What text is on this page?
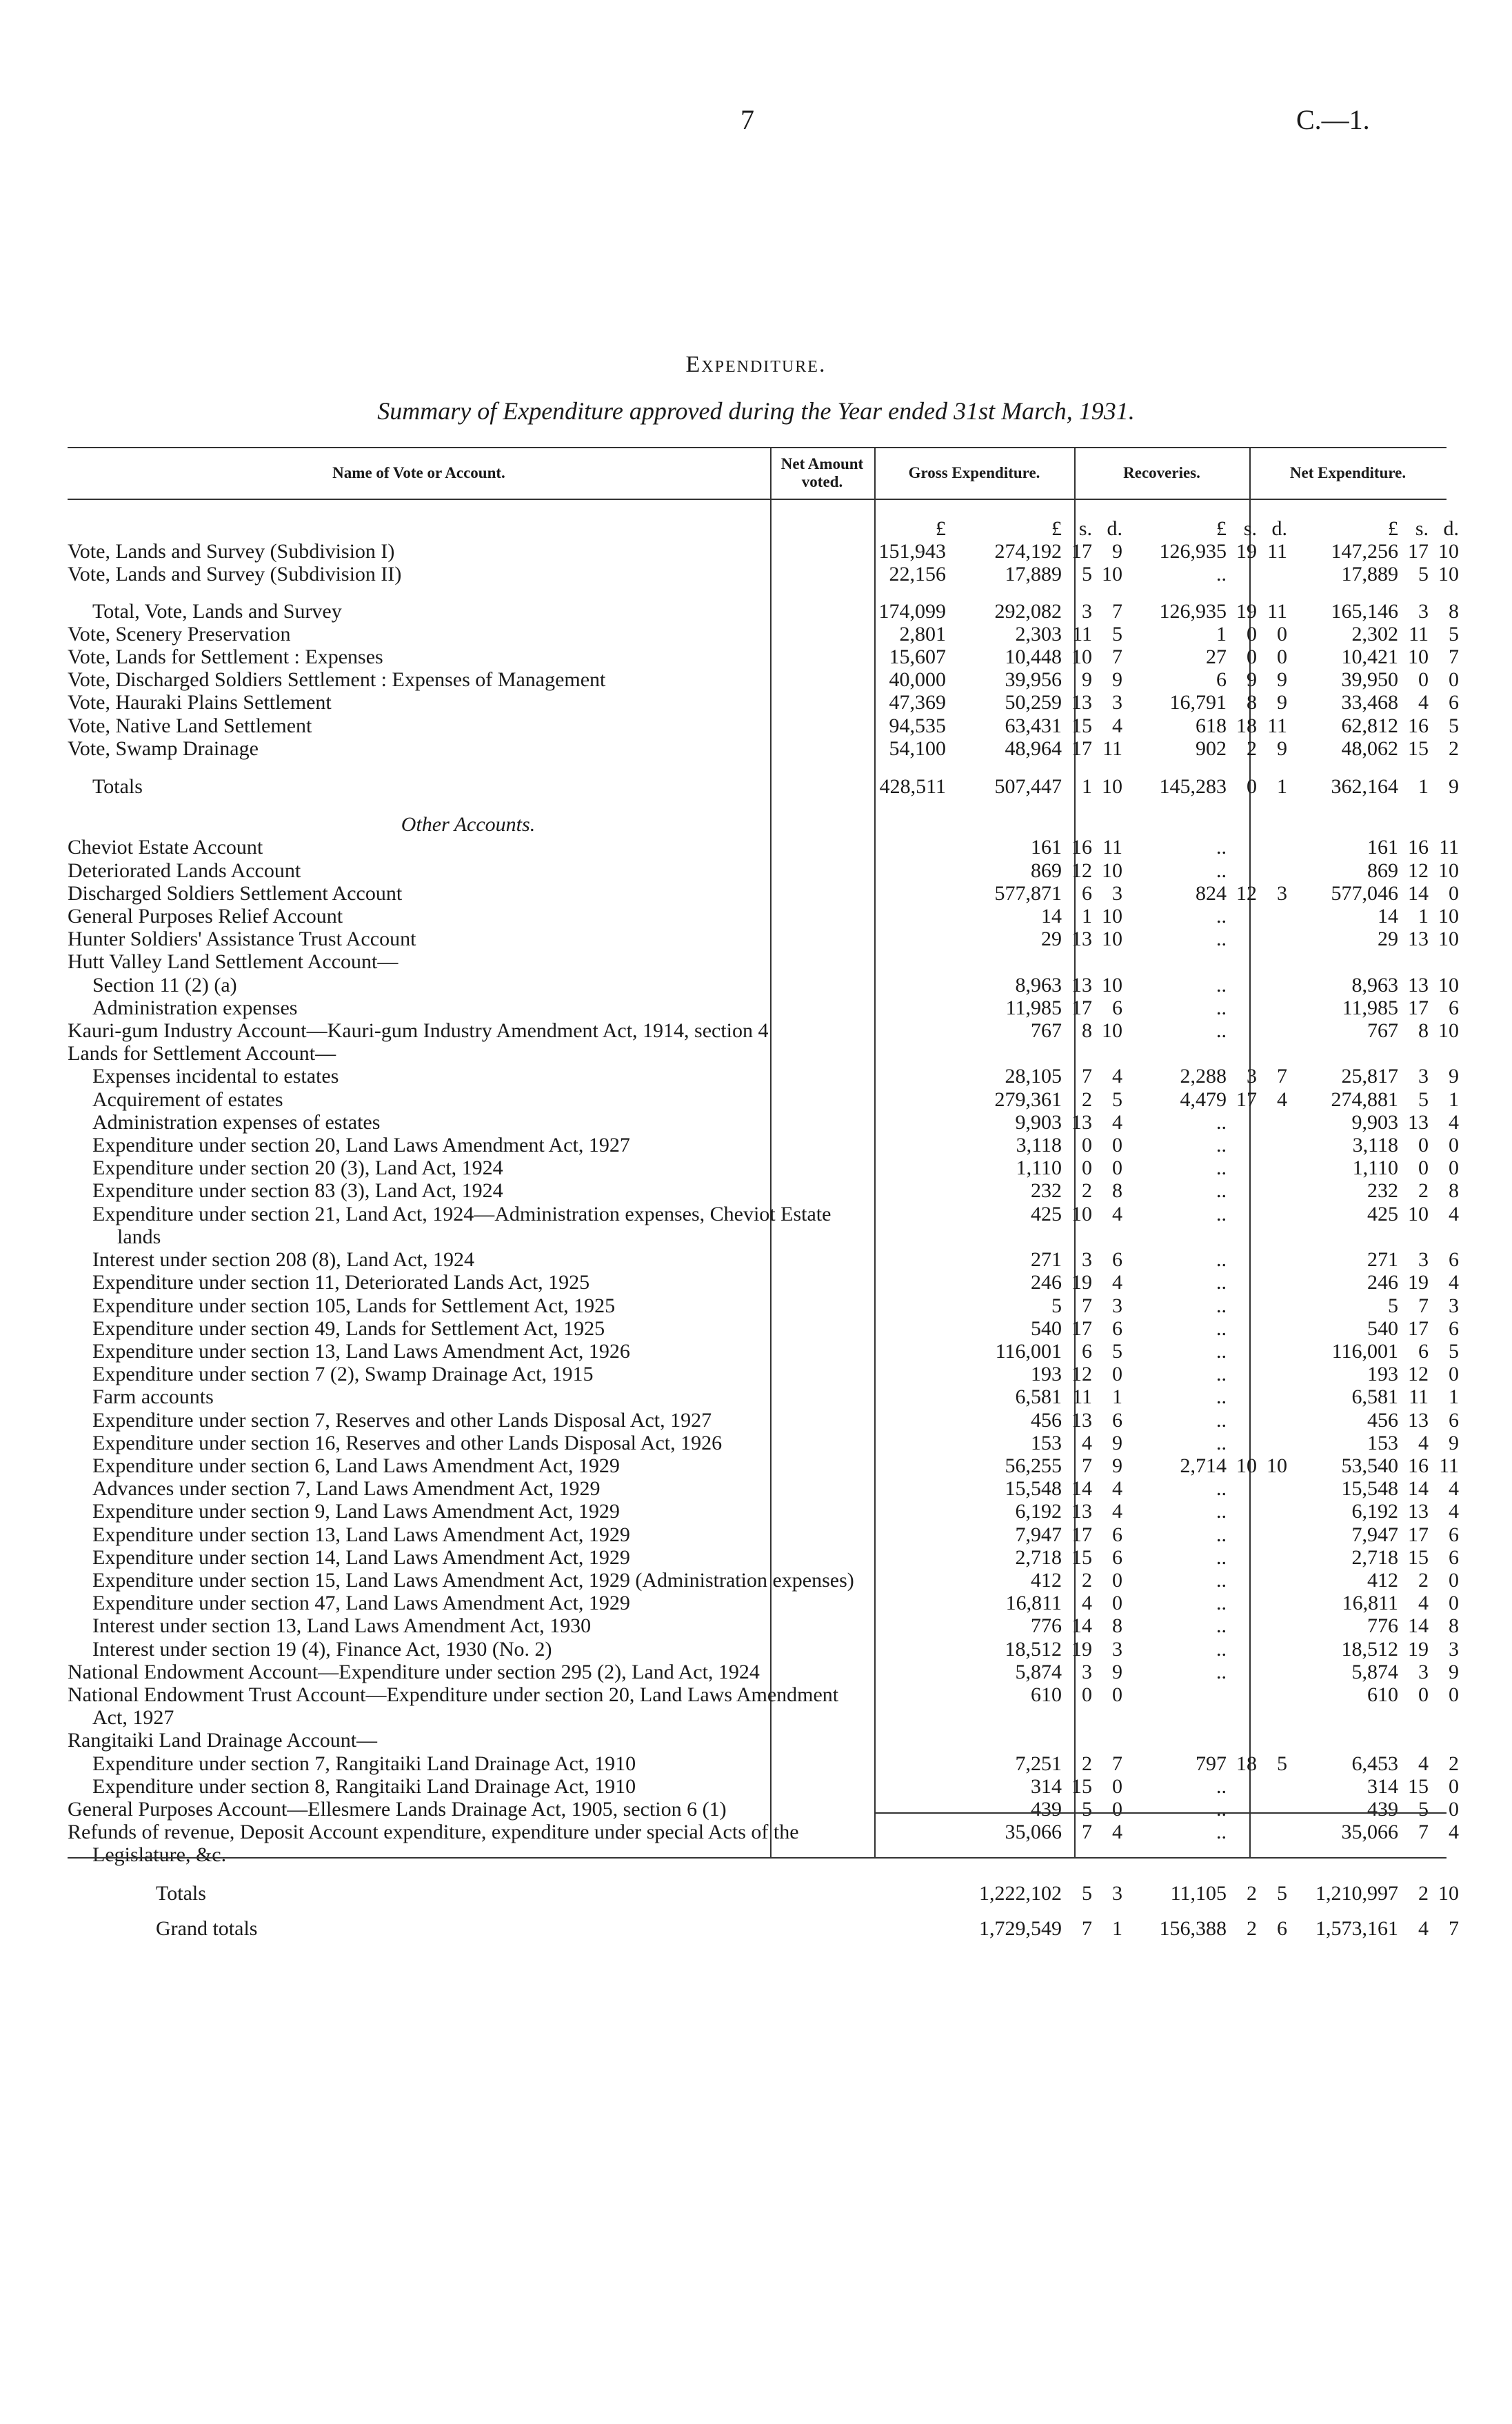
7	C.—1.
Expenditure.
Summary of Expenditure approved during the Year ended 31st March, 1931.
Name of Vote or Account.
Net Amount voted.
Gross Expenditure.	Recoveries.	Net Expenditure.
	£	£	s.	d.	£	s.	d.	£	s.	d.

Vote, Lands and Survey (Subdivision I)	151,943	274,192	17	9	126,935	19	11	147,256	17	10

Vote, Lands and Survey (Subdivision II)	22,156	17,889	5	10	..			17,889	5	10

Total, Vote, Lands and Survey	174,099	292,082	3	7	126,935	19	11	165,146	3	8

Vote, Scenery Preservation	2,801	2,303	11	5	1	0	0	2,302	11	5

Vote, Lands for Settlement : Expenses	15,607	10,448	10	7	27	0	0	10,421	10	7

Vote, Discharged Soldiers Settlement : Expenses of Management	40,000	39,956	9	9	6	9	9	39,950	0	0

Vote, Hauraki Plains Settlement	47,369	50,259	13	3	16,791	8	9	33,468	4	6

Vote, Native Land Settlement	94,535	63,431	15	4	618	18	11	62,812	16	5

Vote, Swamp Drainage	54,100	48,964	17	11	902	2	9	48,062	15	2

Totals	428,511	507,447	1	10	145,283	0	1	362,164	1	9

Other Accounts.										

Cheviot Estate Account		161	16	11	..			161	16	11

Deteriorated Lands Account		869	12	10	..			869	12	10

Discharged Soldiers Settlement Account		577,871	6	3	824	12	3	577,046	14	0

General Purposes Relief Account		14	1	10	..			14	1	10

Hunter Soldiers' Assistance Trust Account		29	13	10	..			29	13	10

Hutt Valley Land Settlement Account—										

Section 11 (2) (a)		8,963	13	10	..			8,963	13	10

Administration expenses		11,985	17	6	..			11,985	17	6

Kauri-gum Industry Account—Kauri-gum Industry Amendment Act, 1914, section 4		767	8	10	..			767	8	10

Lands for Settlement Account—										

Expenses incidental to estates		28,105	7	4	2,288	3	7	25,817	3	9

Acquirement of estates		279,361	2	5	4,479	17	4	274,881	5	1

Administration expenses of estates		9,903	13	4	..			9,903	13	4

Expenditure under section 20, Land Laws Amendment Act, 1927		3,118	0	0	..			3,118	0	0

Expenditure under section 20 (3), Land Act, 1924		1,110	0	0	..			1,110	0	0

Expenditure under section 83 (3), Land Act, 1924		232	2	8	..			232	2	8

Expenditure under section 21, Land Act, 1924—Administration expenses, Cheviot Estate lands		425	10	4	..			425	10	4

Interest under section 208 (8), Land Act, 1924		271	3	6	..			271	3	6

Expenditure under section 11, Deteriorated Lands Act, 1925		246	19	4	..			246	19	4

Expenditure under section 105, Lands for Settlement Act, 1925		5	7	3	..			5	7	3

Expenditure under section 49, Lands for Settlement Act, 1925		540	17	6	..			540	17	6

Expenditure under section 13, Land Laws Amendment Act, 1926		116,001	6	5	..			116,001	6	5

Expenditure under section 7 (2), Swamp Drainage Act, 1915		193	12	0	..			193	12	0

Farm accounts		6,581	11	1	..			6,581	11	1

Expenditure under section 7, Reserves and other Lands Disposal Act, 1927		456	13	6	..			456	13	6

Expenditure under section 16, Reserves and other Lands Disposal Act, 1926		153	4	9	..			153	4	9

Expenditure under section 6, Land Laws Amendment Act, 1929		56,255	7	9	2,714	10	10	53,540	16	11

Advances under section 7, Land Laws Amendment Act, 1929		15,548	14	4	..			15,548	14	4

Expenditure under section 9, Land Laws Amendment Act, 1929		6,192	13	4	..			6,192	13	4

Expenditure under section 13, Land Laws Amendment Act, 1929		7,947	17	6	..			7,947	17	6

Expenditure under section 14, Land Laws Amendment Act, 1929		2,718	15	6	..			2,718	15	6

Expenditure under section 15, Land Laws Amendment Act, 1929 (Administration expenses)		412	2	0	..			412	2	0

Expenditure under section 47, Land Laws Amendment Act, 1929		16,811	4	0	..			16,811	4	0

Interest under section 13, Land Laws Amendment Act, 1930		776	14	8	..			776	14	8

Interest under section 19 (4), Finance Act, 1930 (No. 2)		18,512	19	3	..			18,512	19	3

National Endowment Account—Expenditure under section 295 (2), Land Act, 1924		5,874	3	9	..			5,874	3	9

National Endowment Trust Account—Expenditure under section 20, Land Laws Amendment Act, 1927		610	0	0				610	0	0

Rangitaiki Land Drainage Account—										

Expenditure under section 7, Rangitaiki Land Drainage Act, 1910		7,251	2	7	797	18	5	6,453	4	2

Expenditure under section 8, Rangitaiki Land Drainage Act, 1910		314	15	0	..			314	15	0

General Purposes Account—Ellesmere Lands Drainage Act, 1905, section 6 (1)		439	5	0	..			439	5	0

Refunds of revenue, Deposit Account expenditure, expenditure under special Acts of the Legislature, &c.		35,066	7	4	..			35,066	7	4

Totals		1,222,102	5	3	11,105	2	5	1,210,997	2	10

Grand totals		1,729,549	7	1	156,388	2	6	1,573,161	4	7
